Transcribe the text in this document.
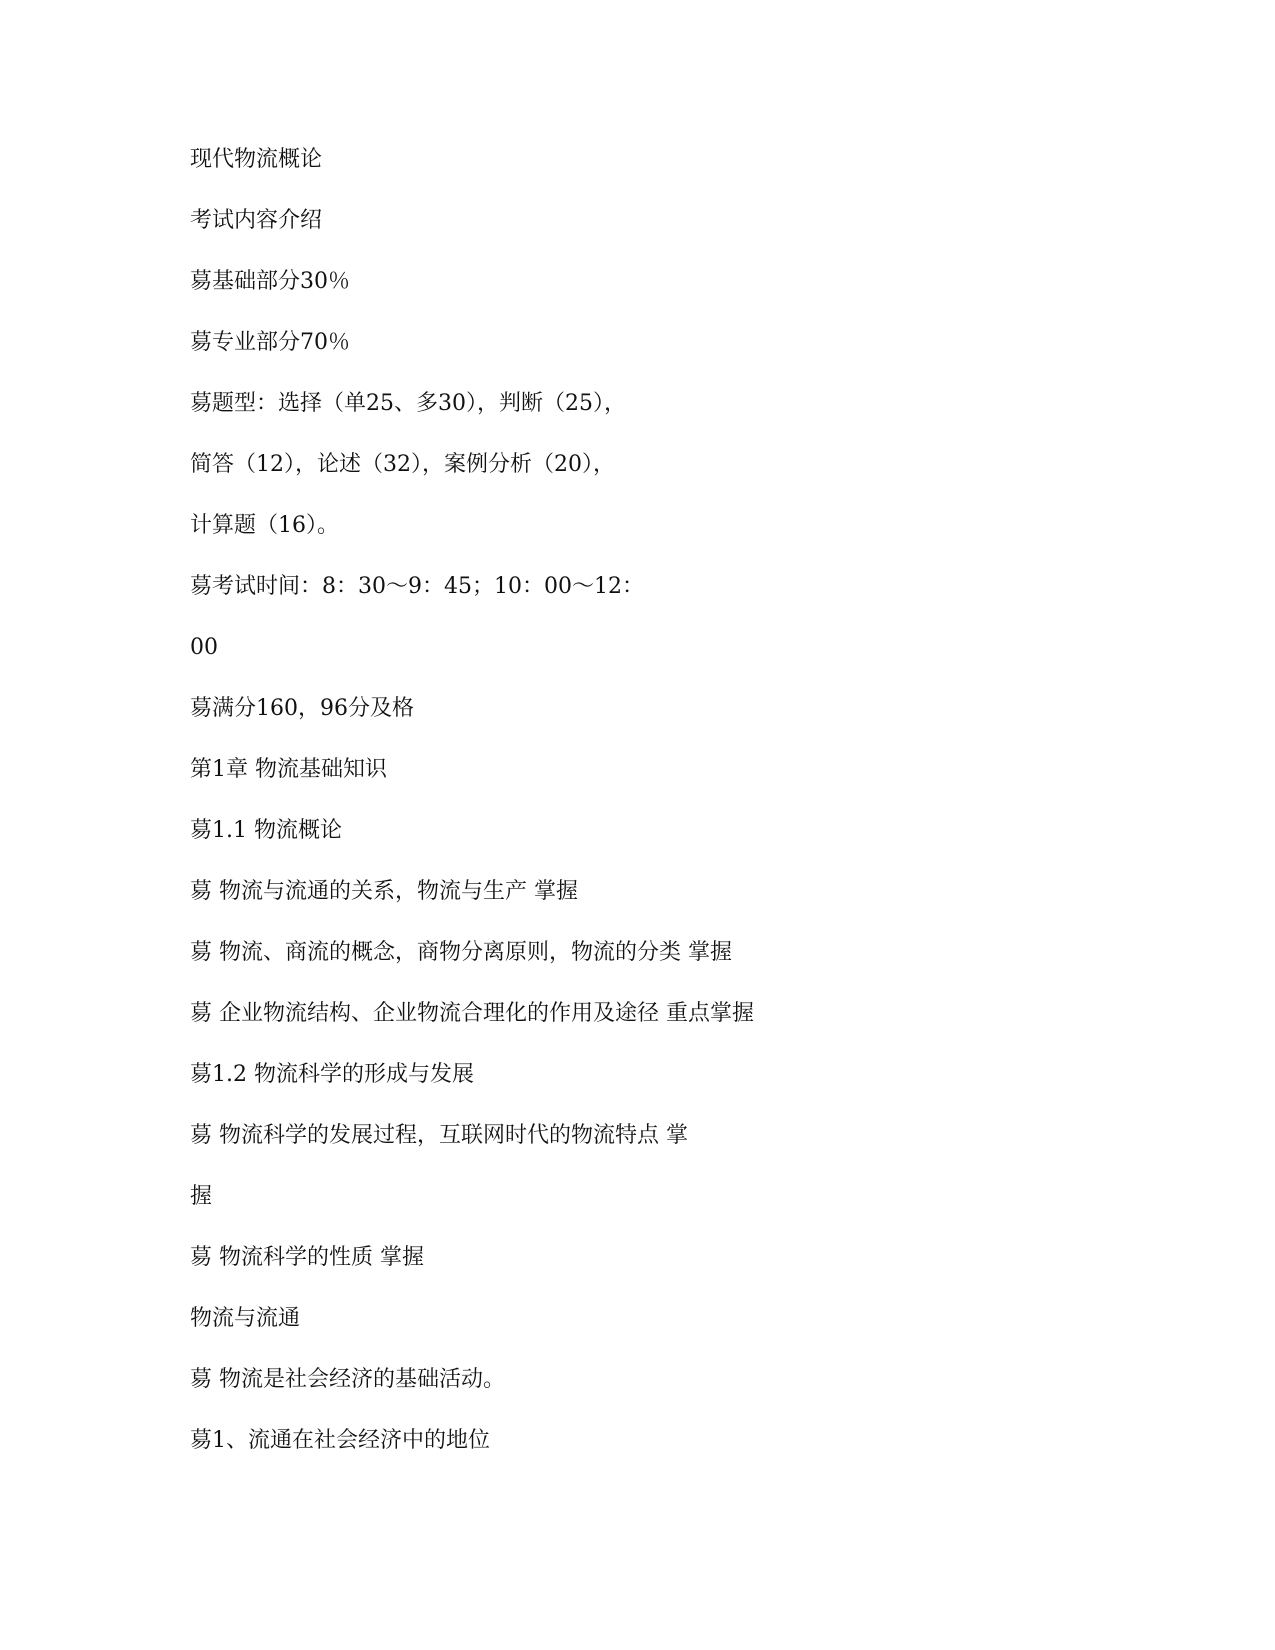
现代物流概论
考试内容介绍
䓪基础部分30％
䓪专业部分70％
䓪题型：选择（单25、多30），判断（25），
简答（12），论述（32），案例分析（20），
计算题（16）。
䓪考试时间：8：30～9：45；10：00～12：
00
䓪满分160，96分及格
第1章 物流基础知识
䓪1.1 物流概论
䓪 物流与流通的关系，物流与生产 掌握
䓪 物流、商流的概念，商物分离原则，物流的分类 掌握
䓪 企业物流结构、企业物流合理化的作用及途径 重点掌握
䓪1.2 物流科学的形成与发展
䓪 物流科学的发展过程，互联网时代的物流特点 掌
握
䓪 物流科学的性质 掌握
物流与流通
䓪 物流是社会经济的基础活动。
䓪1、流通在社会经济中的地位
